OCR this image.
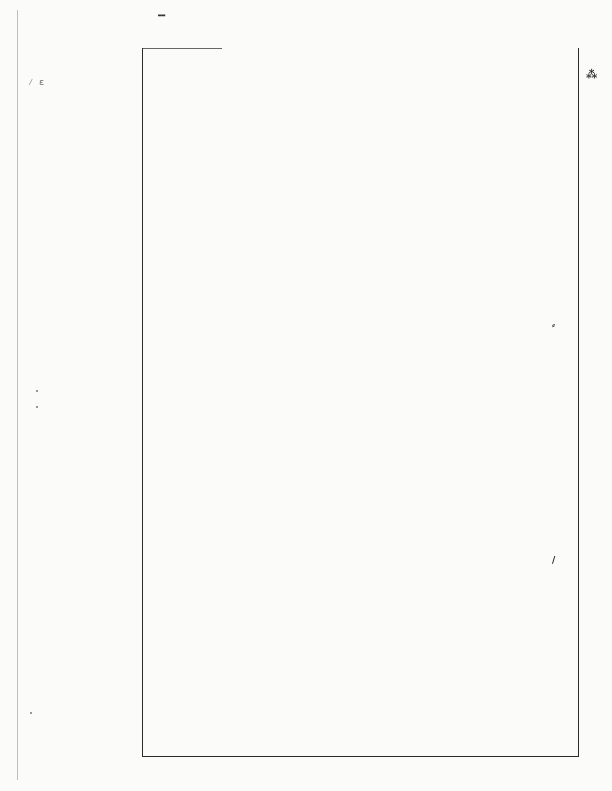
▬▬
⁄ ε
⁂
⸗
/
